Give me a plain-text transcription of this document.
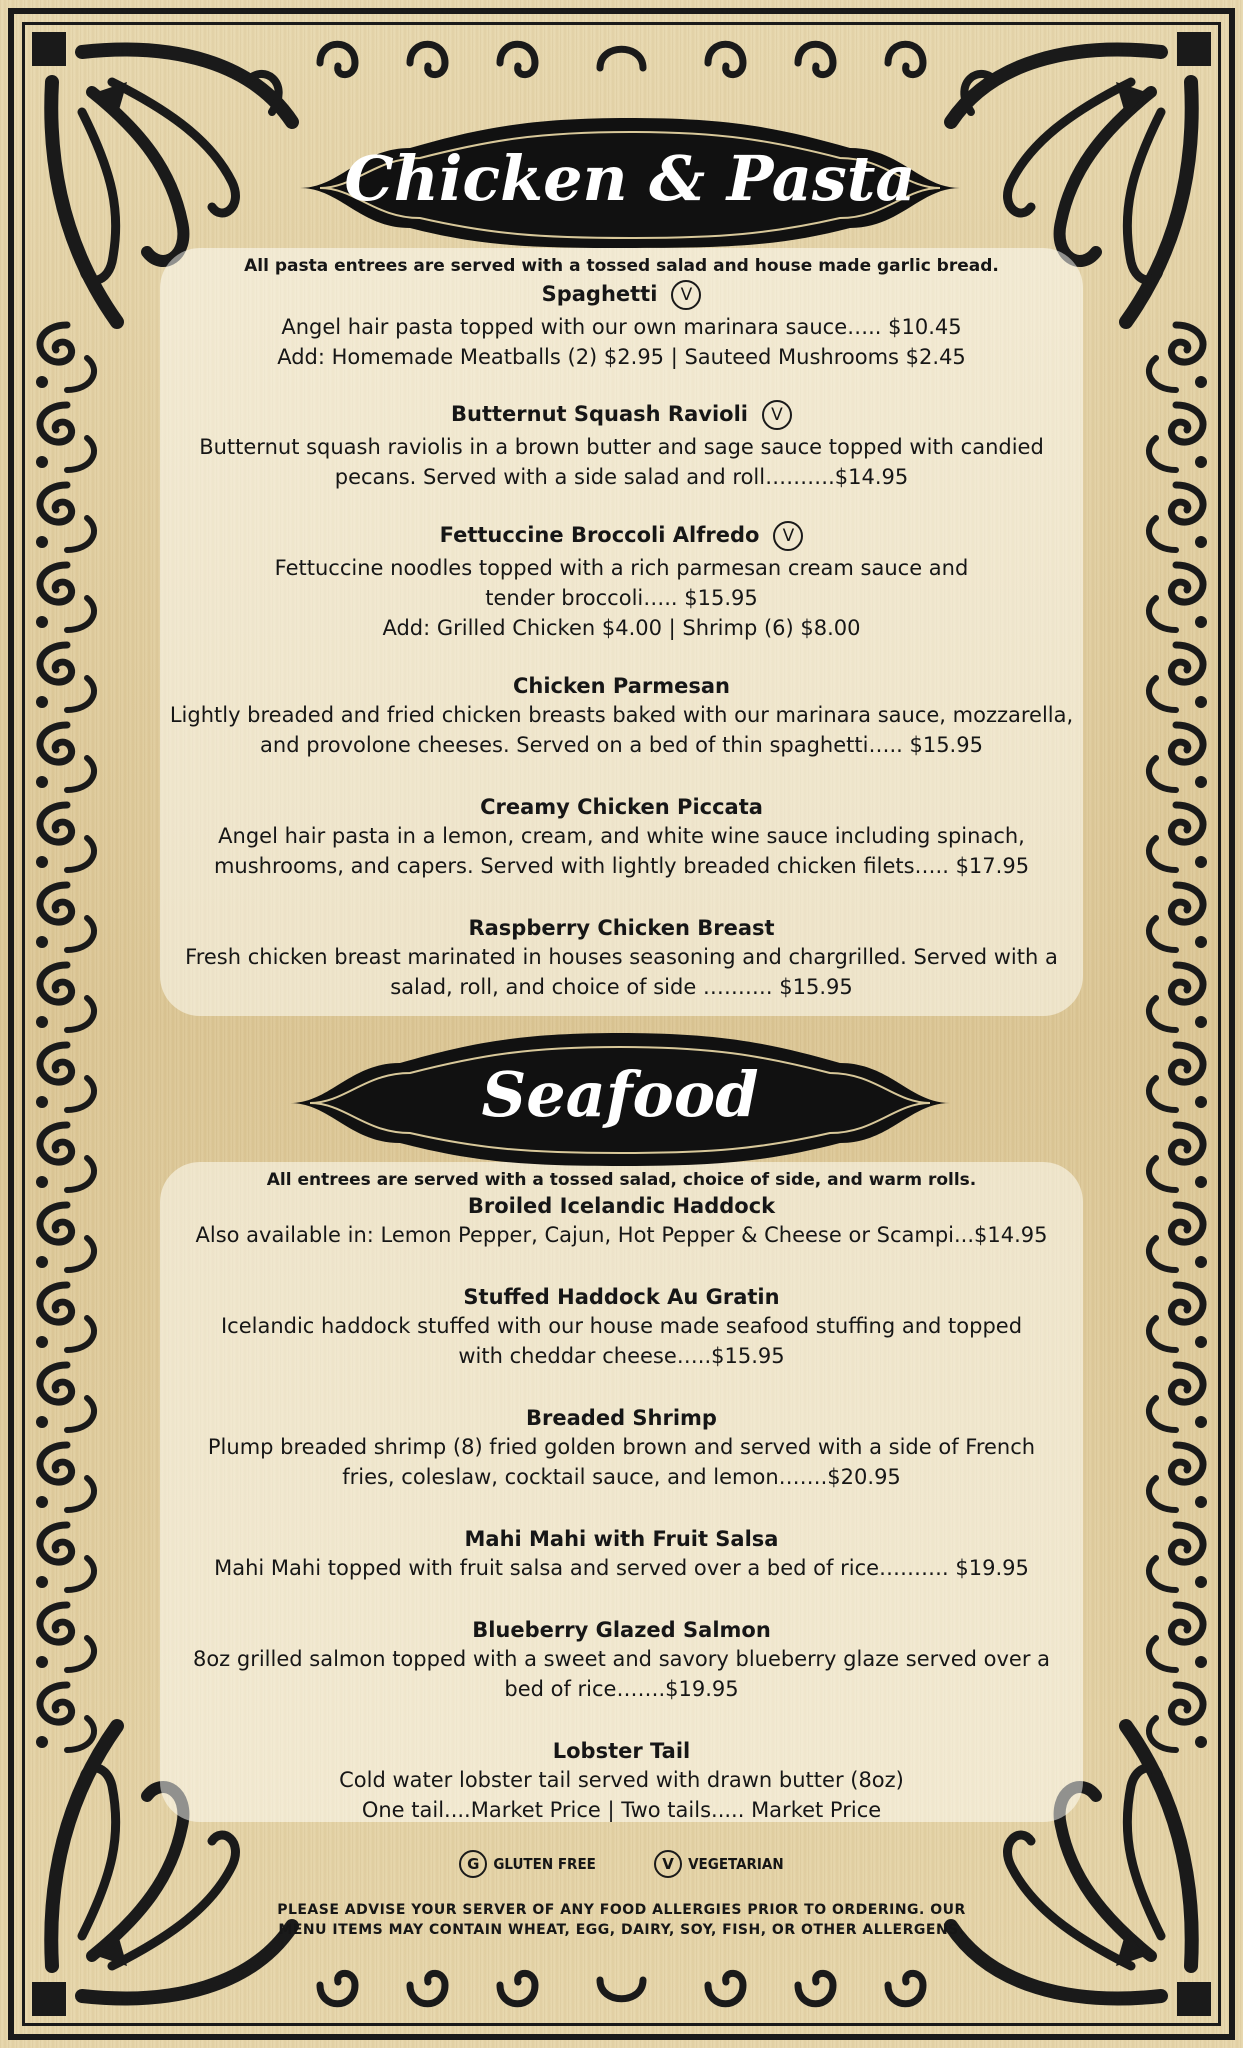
Chicken & Pasta
All pasta entrees are served with a tossed salad and house made garlic bread.
Spaghetti V
Angel hair pasta topped with our own marinara sauce….. $10.45
Add: Homemade Meatballs (2) $2.95 | Sauteed Mushrooms $2.45
Butternut Squash Ravioli V
Butternut squash raviolis in a brown butter and sage sauce topped with candied
pecans. Served with a side salad and roll……….$14.95
Fettuccine Broccoli Alfredo V
Fettuccine noodles topped with a rich parmesan cream sauce and
tender broccoli….. $15.95
Add: Grilled Chicken $4.00 | Shrimp (6) $8.00
Chicken Parmesan
Lightly breaded and fried chicken breasts baked with our marinara sauce, mozzarella,
and provolone cheeses. Served on a bed of thin spaghetti….. $15.95
Creamy Chicken Piccata
Angel hair pasta in a lemon, cream, and white wine sauce including spinach,
mushrooms, and capers. Served with lightly breaded chicken filets….. $17.95
Raspberry Chicken Breast
Fresh chicken breast marinated in houses seasoning and chargrilled. Served with a
salad, roll, and choice of side ………. $15.95
Seafood
All entrees are served with a tossed salad, choice of side, and warm rolls.
Broiled Icelandic Haddock
Also available in: Lemon Pepper, Cajun, Hot Pepper & Cheese or Scampi...$14.95
Stuffed Haddock Au Gratin
Icelandic haddock stuffed with our house made seafood stuffing and topped
with cheddar cheese…..$15.95
Breaded Shrimp
Plump breaded shrimp (8) fried golden brown and served with a side of French
fries, coleslaw, cocktail sauce, and lemon…….$20.95
Mahi Mahi with Fruit Salsa
Mahi Mahi topped with fruit salsa and served over a bed of rice………. $19.95
Blueberry Glazed Salmon
8oz grilled salmon topped with a sweet and savory blueberry glaze served over a
bed of rice…….$19.95
Lobster Tail
Cold water lobster tail served with drawn butter (8oz)
One tail....Market Price | Two tails..... Market Price
G GLUTEN FREE	V VEGETARIAN
PLEASE ADVISE YOUR SERVER OF ANY FOOD ALLERGIES PRIOR TO ORDERING. OUR
MENU ITEMS MAY CONTAIN WHEAT, EGG, DAIRY, SOY, FISH, OR OTHER ALLERGENS.
